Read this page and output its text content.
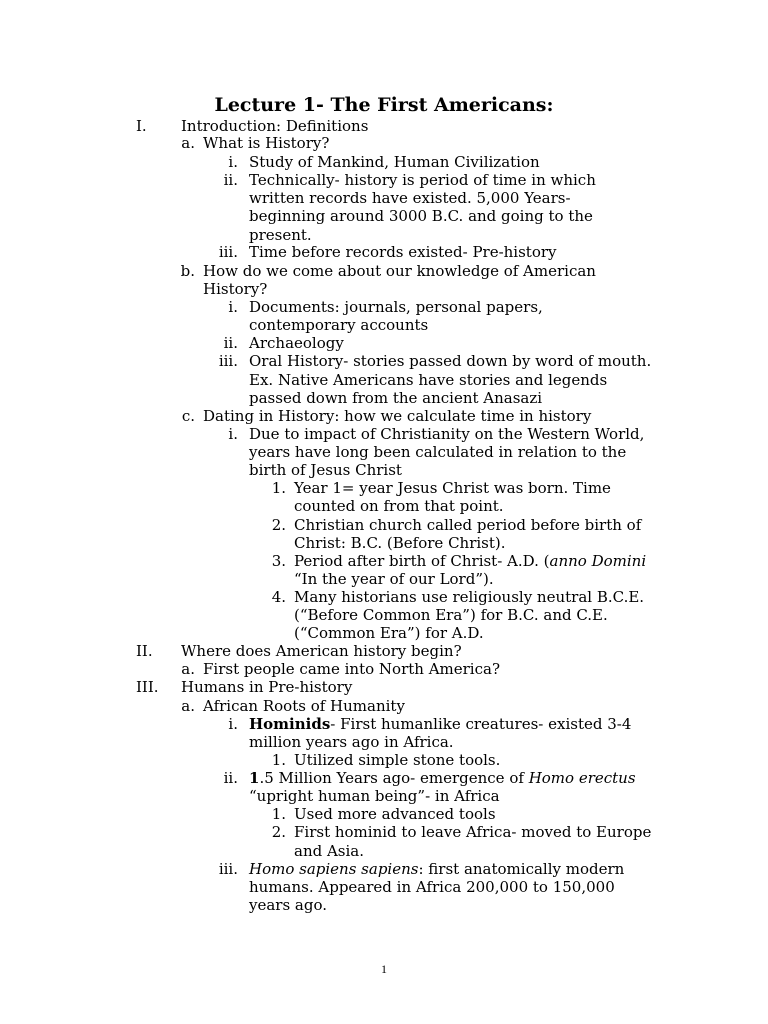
Lecture 1- The First Americans:
I. Introduction: Definitions
a. What is History?
i. Study of Mankind, Human Civilization
ii. Technically- history is period of time in which
written records have existed. 5,000 Years-
beginning around 3000 B.C. and going to the
present.
iii. Time before records existed- Pre-history
b. How do we come about our knowledge of American
History?
i. Documents: journals, personal papers,
contemporary accounts
ii. Archaeology
iii. Oral History- stories passed down by word of mouth.
Ex. Native Americans have stories and legends
passed down from the ancient Anasazi
c. Dating in History: how we calculate time in history
i. Due to impact of Christianity on the Western World,
years have long been calculated in relation to the
birth of Jesus Christ
1. Year 1= year Jesus Christ was born. Time
counted on from that point.
2. Christian church called period before birth of
Christ: B.C. (Before Christ).
3. Period after birth of Christ- A.D. (anno Domini
“In the year of our Lord”).
4. Many historians use religiously neutral B.C.E.
(“Before Common Era”) for B.C. and C.E.
(“Common Era”) for A.D.
II. Where does American history begin?
a. First people came into North America?
III. Humans in Pre-history
a. African Roots of Humanity
i. Hominids- First humanlike creatures- existed 3-4
million years ago in Africa.
1. Utilized simple stone tools.
ii. 1.5 Million Years ago- emergence of Homo erectus
“upright human being”- in Africa
1. Used more advanced tools
2. First hominid to leave Africa- moved to Europe
and Asia.
iii. Homo sapiens sapiens: first anatomically modern
humans. Appeared in Africa 200,000 to 150,000
years ago.
1
